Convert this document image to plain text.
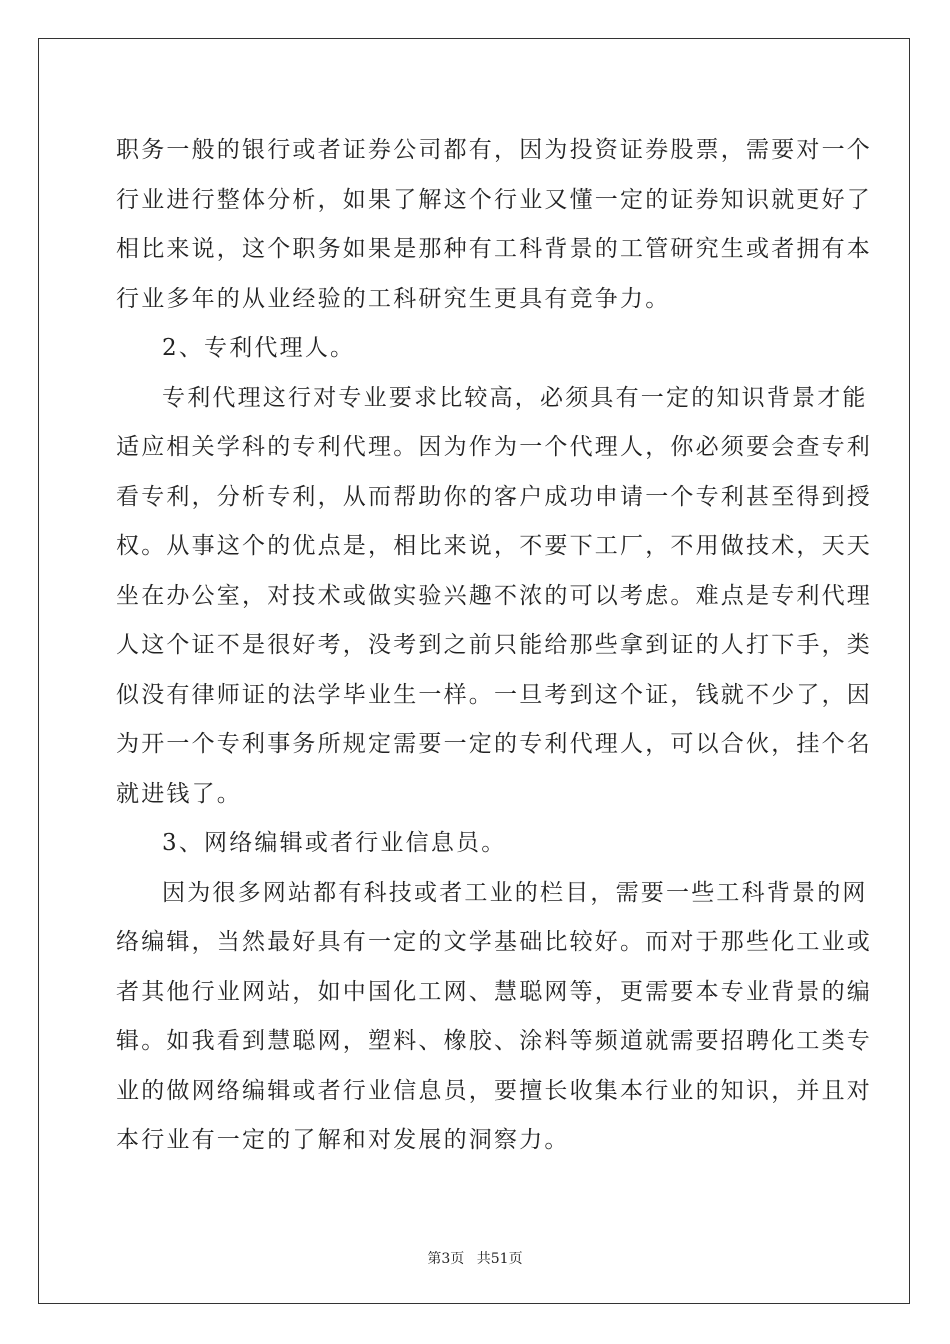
职务一般的银行或者证券公司都有，因为投资证券股票，需要对一个
行业进行整体分析，如果了解这个行业又懂一定的证券知识就更好了
相比来说，这个职务如果是那种有工科背景的工管研究生或者拥有本
行业多年的从业经验的工科研究生更具有竞争力。
2、专利代理人。
专利代理这行对专业要求比较高，必须具有一定的知识背景才能
适应相关学科的专利代理。因为作为一个代理人，你必须要会查专利
看专利，分析专利，从而帮助你的客户成功申请一个专利甚至得到授
权。从事这个的优点是，相比来说，不要下工厂，不用做技术，天天
坐在办公室，对技术或做实验兴趣不浓的可以考虑。难点是专利代理
人这个证不是很好考，没考到之前只能给那些拿到证的人打下手，类
似没有律师证的法学毕业生一样。一旦考到这个证，钱就不少了，因
为开一个专利事务所规定需要一定的专利代理人，可以合伙，挂个名
就进钱了。
3、网络编辑或者行业信息员。
因为很多网站都有科技或者工业的栏目，需要一些工科背景的网
络编辑，当然最好具有一定的文学基础比较好。而对于那些化工业或
者其他行业网站，如中国化工网、慧聪网等，更需要本专业背景的编
辑。如我看到慧聪网，塑料、橡胶、涂料等频道就需要招聘化工类专
业的做网络编辑或者行业信息员，要擅长收集本行业的知识，并且对
本行业有一定的了解和对发展的洞察力。
第3页 共51页
